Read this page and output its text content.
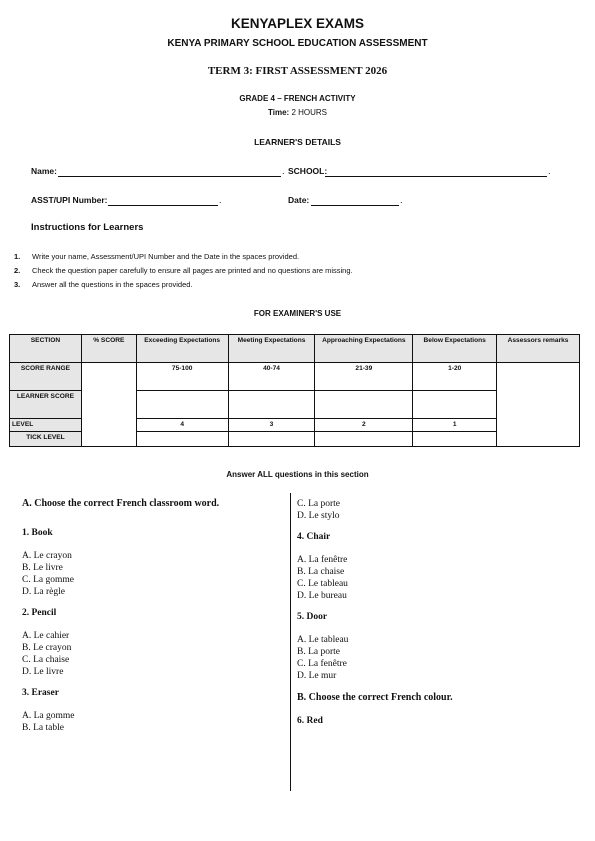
KENYAPLEX EXAMS
KENYA PRIMARY SCHOOL EDUCATION ASSESSMENT
TERM 3: FIRST ASSESSMENT 2026
GRADE 4 – FRENCH ACTIVITY
Time: 2 HOURS
LEARNER'S DETAILS
Name:	. SCHOOL:	.
ASST/UPI Number:	.	Date:	.
Instructions for Learners
1. Write your name, Assessment/UPI Number and the Date in the spaces provided.
2. Check the question paper carefully to ensure all pages are printed and no questions are missing.
3. Answer all the questions in the spaces provided.
FOR EXAMINER'S USE
SECTION	% SCORE	Exceeding Expectations	Meeting Expectations	Approaching Expectations	Below Expectations	Assessors remarks
SCORE RANGE		75-100	40-74	21-39	1-20	
LEARNER SCORE						
LEVEL		4	3	2	1	
TICK LEVEL						
Answer ALL questions in this section
A. Choose the correct French classroom word.
1. Book
A. Le crayon
B. Le livre
C. La gomme
D. La règle
2. Pencil
A. Le cahier
B. Le crayon
C. La chaise
D. Le livre
3. Eraser
A. La gomme
B. La table
C. La porte
D. Le stylo
4. Chair
A. La fenêtre
B. La chaise
C. Le tableau
D. Le bureau
5. Door
A. Le tableau
B. La porte
C. La fenêtre
D. Le mur
B. Choose the correct French colour.
6. Red
